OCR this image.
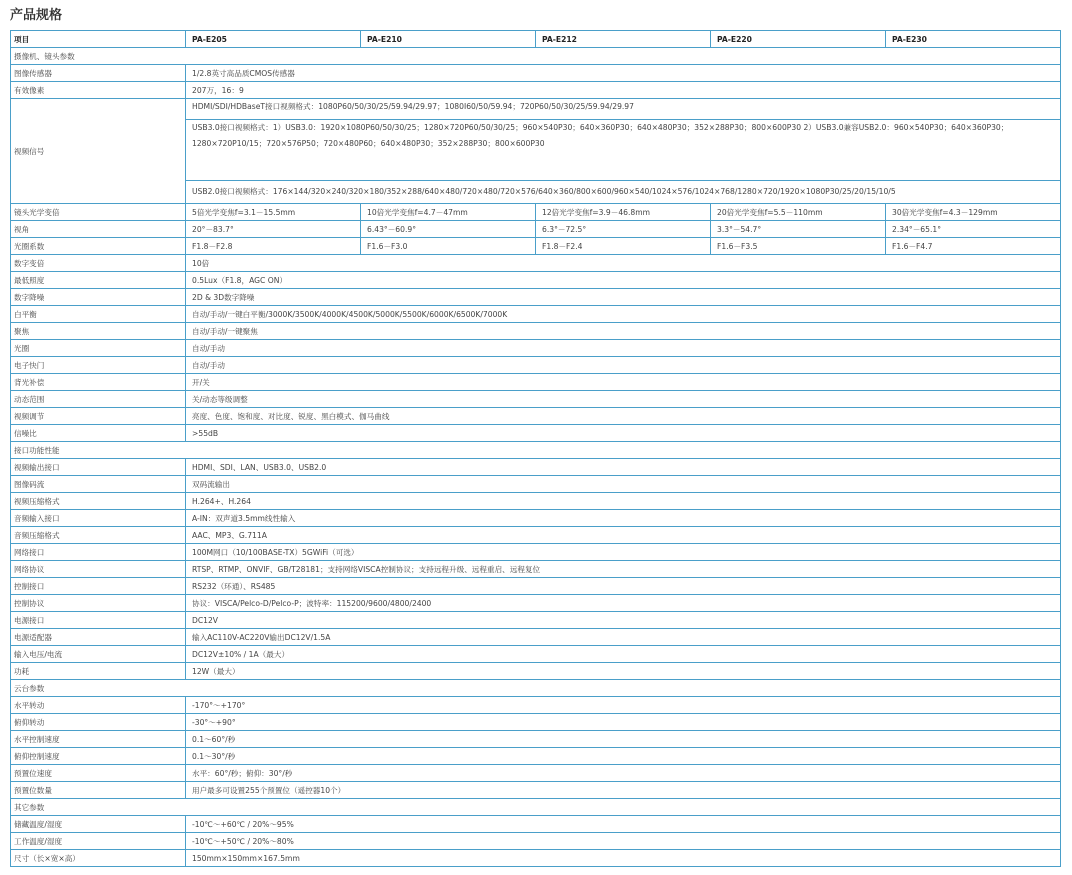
产品规格
项目	PA-E205	PA-E210	PA-E212	PA-E220	PA-E230
摄像机、镜头参数					
图像传感器	1/2.8英寸高品质CMOS传感器				
有效像素	207万，16：9				
视频信号	HDMI/SDI/HDBaseT接口视频格式：1080P60/50/30/25/59.94/29.97；1080I60/50/59.94；720P60/50/30/25/59.94/29.97
USB3.0接口视频格式：1）USB3.0：1920×1080P60/50/30/25；1280×720P60/50/30/25；960×540P30；640×360P30；640×480P30；352×288P30；800×600P30 2）USB3.0兼容USB2.0：960×540P30；640×360P30；1280×720P10/15；720×576P50；720×480P60；640×480P30；352×288P30；800×600P30
USB2.0接口视频格式：176×144/320×240/320×180/352×288/640×480/720×480/720×576/640×360/800×600/960×540/1024×576/1024×768/1280×720/1920×1080P30/25/20/15/10/5				

镜头光学变倍	5倍光学变焦f=3.1－15.5mm	10倍光学变焦f=4.7－47mm	12倍光学变焦f=3.9－46.8mm	20倍光学变焦f=5.5－110mm	30倍光学变焦f=4.3－129mm
视角	20°－83.7°	6.43°－60.9°	6.3°－72.5°	3.3°－54.7°	2.34°－65.1°
光圈系数	F1.8－F2.8	F1.6－F3.0	F1.8－F2.4	F1.6－F3.5	F1.6－F4.7
数字变倍	10倍				
最低照度	0.5Lux（F1.8，AGC ON）				
数字降噪	2D & 3D数字降噪				
白平衡	自动/手动/一键白平衡/3000K/3500K/4000K/4500K/5000K/5500K/6000K/6500K/7000K				
聚焦	自动/手动/一键聚焦				
光圈	自动/手动				
电子快门	自动/手动				
背光补偿	开/关				
动态范围	关/动态等级调整				
视频调节	亮度、色度、饱和度、对比度、锐度、黑白模式、伽马曲线				
信噪比	>55dB				
接口功能性能					
视频输出接口	HDMI、SDI、LAN、USB3.0、USB2.0				
图像码流	双码流输出				
视频压缩格式	H.264+、H.264				
音频输入接口	A-IN：双声道3.5mm线性输入				
音频压缩格式	AAC、MP3、G.711A				
网络接口	100M网口（10/100BASE-TX）5GWiFi（可选）				
网络协议	RTSP、RTMP、ONVIF、GB/T28181；支持网络VISCA控制协议；支持远程升级、远程重启、远程复位				
控制接口	RS232（环通）、RS485				
控制协议	协议：VISCA/Pelco-D/Pelco-P；波特率：115200/9600/4800/2400				
电源接口	DC12V				
电源适配器	输入AC110V-AC220V输出DC12V/1.5A				
输入电压/电流	DC12V±10% / 1A（最大）				
功耗	12W（最大）				
云台参数					
水平转动	-170°～+170°				
俯仰转动	-30°～+90°				
水平控制速度	0.1～60°/秒				
俯仰控制速度	0.1～30°/秒				
预置位速度	水平：60°/秒；俯仰：30°/秒				
预置位数量	用户最多可设置255个预置位（遥控器10个）				
其它参数					
储藏温度/湿度	-10℃～+60℃ / 20%～95%				
工作温度/湿度	-10℃～+50℃ / 20%～80%				
尺寸（长×宽×高）	150mm×150mm×167.5mm				
